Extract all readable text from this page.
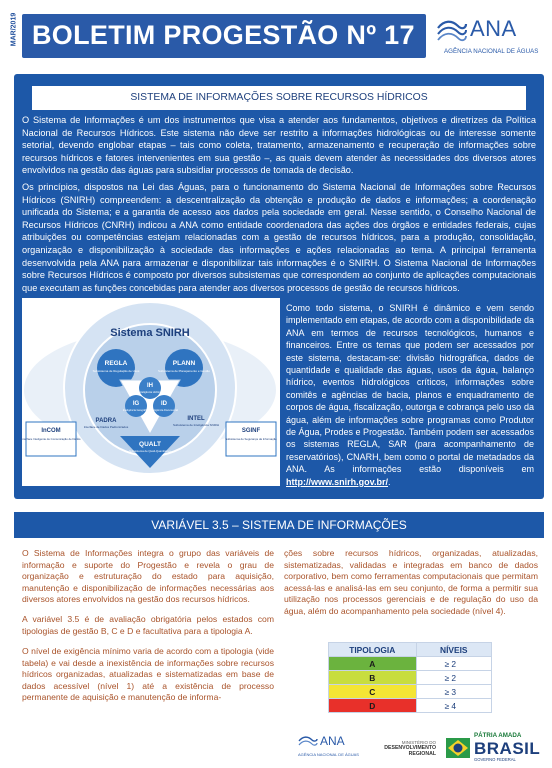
MAR/2019 BOLETIM PROGESTÃO Nº 17	ANA
AGÊNCIA NACIONAL DE ÁGUAS
SISTEMA DE INFORMAÇÕES SOBRE RECURSOS HÍDRICOS

O Sistema de Informações é um dos instrumentos que visa a atender aos fundamentos, objetivos e diretrizes da Política Nacional de Recursos Hídricos. Este sistema não deve ser restrito a informações hidrológicas ou de interesse somente setorial, devendo englobar etapas – tais como coleta, tratamento, armazenamento e recuperação de informações sobre recursos hídricos e fatores intervenientes em sua gestão –, as quais devem atender às necessidades dos diversos atores envolvidos na gestão das águas para subsidiar processos de tomada de decisão.

Os princípios, dispostos na Lei das Águas, para o funcionamento do Sistema Nacional de Informações sobre Recursos Hídricos (SNIRH) compreendem: a descentralização da obtenção e produção de dados e informações; a coordenação unificada do Sistema; e a garantia de acesso aos dados pela sociedade em geral. Nesse sentido, o Conselho Nacional de Recursos Hídricos (CNRH) indicou a ANA como entidade coordenadora das ações dos órgãos e entidades federais, cujas atribuições ou competências estejam relacionadas com a gestão de recursos hídricos, para a produção, consolidação, organização e disponibilização à sociedade das informações e ações relacionadas ao tema. A principal ferramenta desenvolvida pela ANA para armazenar e disponibilizar tais informações é o SNIRH. O Sistema Nacional de Informações sobre Recursos Hídricos é composto por diversos subsistemas que correspondem ao conjunto de aplicações computacionais que executam as funções concebidas para atender aos diversos processos de gestão de recursos hídricos.

Como todo sistema, o SNIRH é dinâmico e vem sendo implementado em etapas, de acordo com a disponibilidade da ANA em termos de recursos tecnológicos, humanos e financeiros. Entre os temas que podem ser acessados por este sistema, destacam-se: divisão hidrográfica, dados de quantidade e qualidade das águas, usos da água, balanço hídrico, eventos hidrológicos críticos, informações sobre comitês e agências de bacia, planos e enquadramento de corpos de água, fiscalização, outorga e cobrança pelo uso da água, além de informações sobre programas como Produtor de Água, Prodes e Progestão. Também podem ser acessados os sistemas REGLA, SAR (para acompanhamento de reservatórios), CNARH, bem como o portal de metadados da ANA. As informações estão disponíveis em http://www.snirh.gov.br/.

Sistema SNIRH
REGLA
Subsistema de Regulação de Usos
PLANN
Subsistema de Planejamento e Gestão
IH
Inteligência Hídrica
IG
Inteligência Geográfica
ID
Inteligência Documental
PADRA
Interface de Dados Padronizados
INTEL
Subsistema de Inteligência SNIRH
QUALT
Subsistema de Quali-Quantitativo
InCOM
Interface Inteligente de Comunicação de Dados
SGINF
Subsistema de Segurança da Informação
VARIÁVEL 3.5 – SISTEMA DE INFORMAÇÕES

O Sistema de Informações integra o grupo das variáveis de informação e suporte do Progestão e revela o grau de organização e estruturação do estado para aquisição, manutenção e disponibilização de informações necessárias aos diversos atores envolvidos na gestão dos recursos hídricos.

A variável 3.5 é de avaliação obrigatória pelos estados com tipologias de gestão B, C e D e facultativa para a tipologia A.

O nível de exigência mínimo varia de acordo com a tipologia (vide tabela) e vai desde a inexistência de informações sobre recursos hídricos organizadas, atualizadas e sistematizadas em base de dados acessível (nível 1) até a existência de processo permanente de aquisição e manutenção de informa-

ções sobre recursos hídricos, organizadas, atualizadas, sistematizadas, validadas e integradas em banco de dados corporativo, bem como ferramentas computacionais que permitam acessá-las e analisá-las em seu conjunto, de forma a permitir sua utilização nos processos gerenciais e de regulação do uso da água, além do acompanhamento pela sociedade (nível 4).

TIPOLOGIA	NÍVEIS
A	≥ 2
B	≥ 2
C	≥ 3
D	≥ 4
ANA
AGÊNCIA NACIONAL DE ÁGUAS
MINISTÉRIO DO
DESENVOLVIMENTO REGIONAL
PÁTRIA AMADA
BRASIL
GOVERNO FEDERAL
